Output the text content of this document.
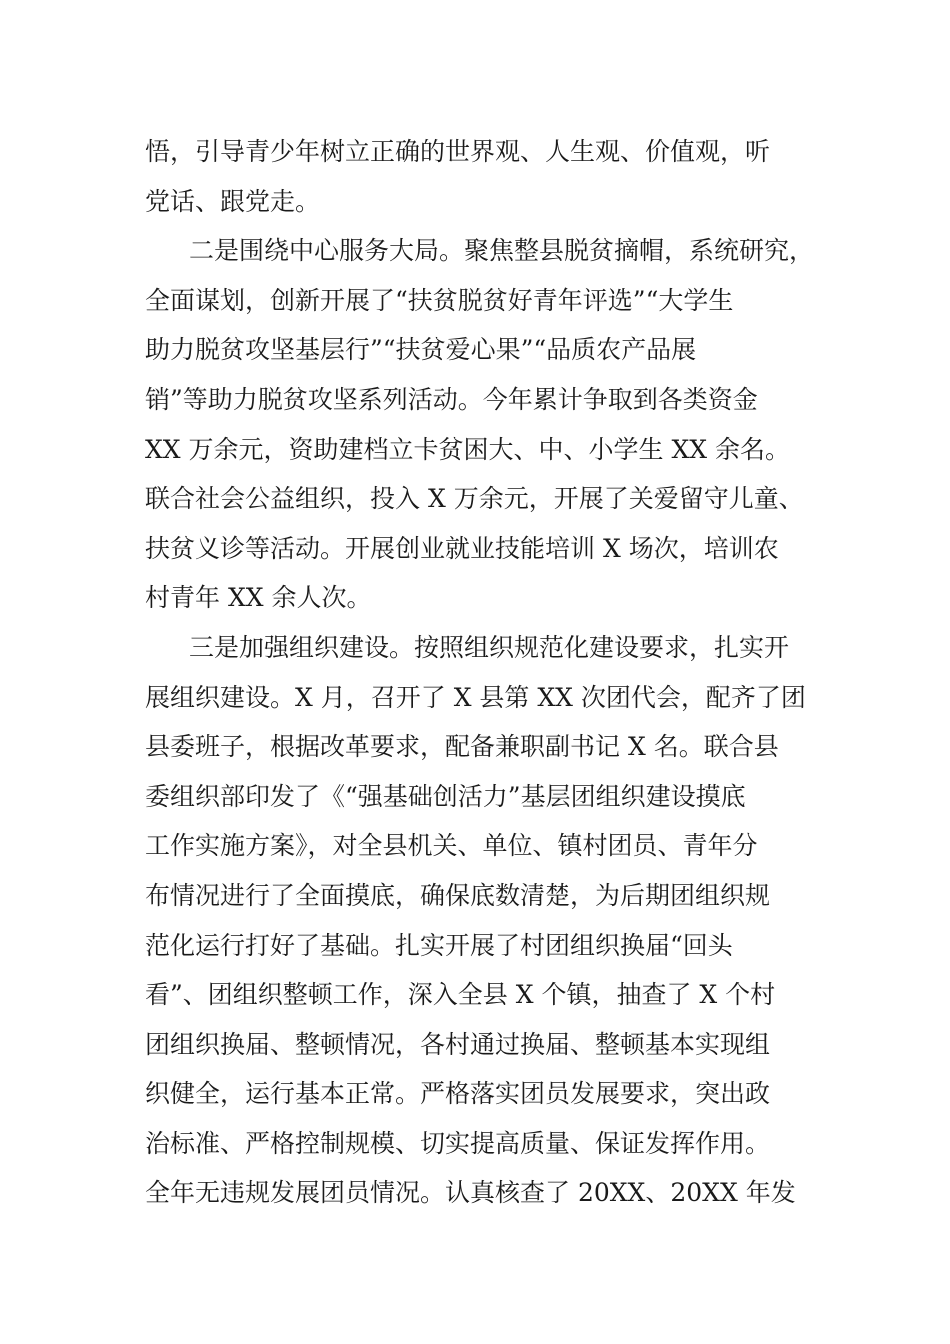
悟，引导青少年树立正确的世界观、人生观、价值观，听
党话、跟党走。
二是围绕中心服务大局。聚焦整县脱贫摘帽，系统研究，
全面谋划，创新开展了“扶贫脱贫好青年评选”“大学生
助力脱贫攻坚基层行”“扶贫爱心果”“品质农产品展
销”等助力脱贫攻坚系列活动。今年累计争取到各类资金
XX 万余元，资助建档立卡贫困大、中、小学生 XX 余名。
联合社会公益组织，投入 X 万余元，开展了关爱留守儿童、
扶贫义诊等活动。开展创业就业技能培训 X 场次，培训农
村青年 XX 余人次。
三是加强组织建设。按照组织规范化建设要求，扎实开
展组织建设。X 月，召开了 X 县第 XX 次团代会，配齐了团
县委班子，根据改革要求，配备兼职副书记 X 名。联合县
委组织部印发了《“强基础创活力”基层团组织建设摸底
工作实施方案》，对全县机关、单位、镇村团员、青年分
布情况进行了全面摸底，确保底数清楚，为后期团组织规
范化运行打好了基础。扎实开展了村团组织换届“回头
看”、团组织整顿工作，深入全县 X 个镇，抽查了 X 个村
团组织换届、整顿情况，各村通过换届、整顿基本实现组
织健全，运行基本正常。严格落实团员发展要求，突出政
治标准、严格控制规模、切实提高质量、保证发挥作用。
全年无违规发展团员情况。认真核查了 20XX、20XX 年发
